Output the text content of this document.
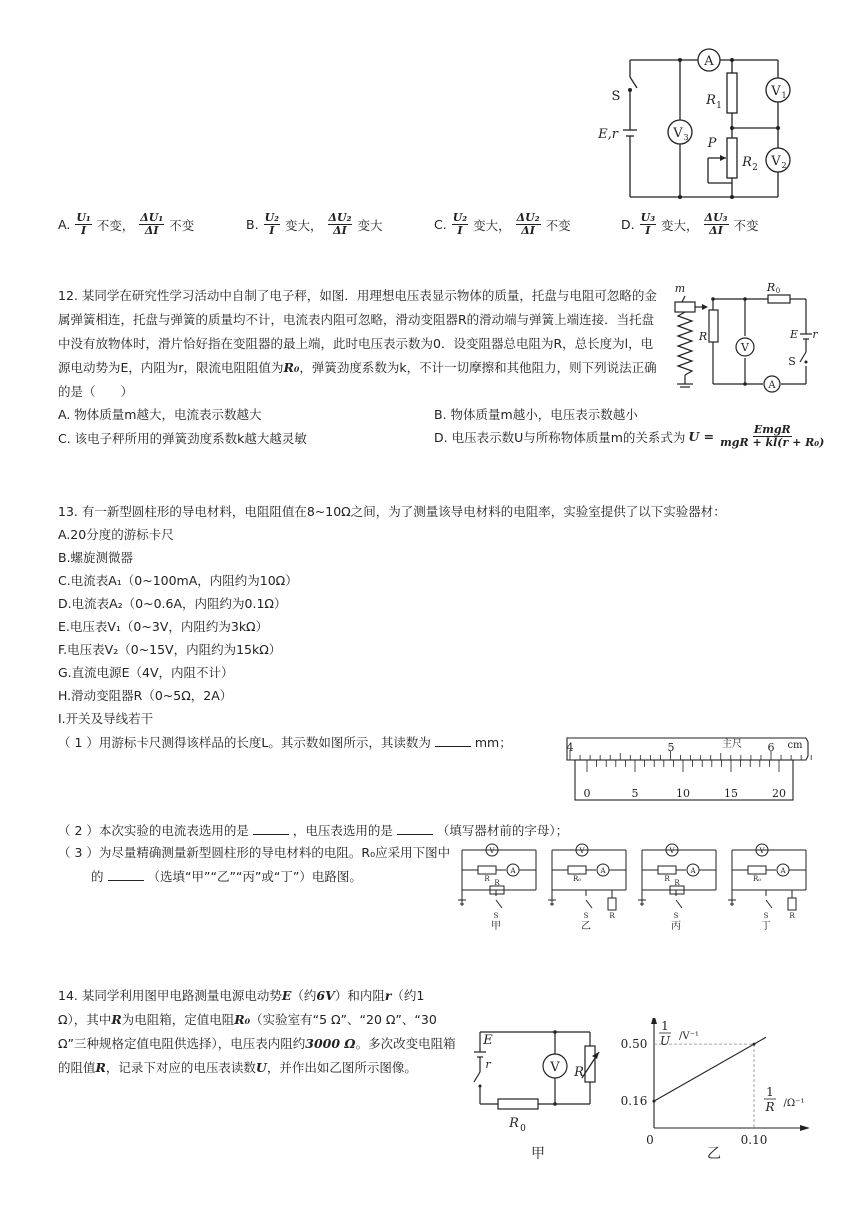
S
E,r
A
R 1
V 1
V 3 P
R 2 V 2
A. $\frac{\text{U₁}}{I}$ 不变， $\frac{\text{ΔU₁}}{\Delta I}$ 不变	B. $\frac{\text{U₂}}{I}$ 变大， $\frac{\text{ΔU₂}}{\Delta I}$ 变大	C. $\frac{\text{U₂}}{I}$ 变大， $\frac{\text{ΔU₂}}{\Delta I}$ 不变	D. $\frac{\text{U₃}}{I}$ 变大， $\frac{\text{ΔU₃}}{\Delta I}$ 不变
12. 某同学在研究性学习活动中自制了电子秤，如图．用理想电压表显示物体的质量，托盘与电阻可忽略的金属弹簧相连，托盘与弹簧的质量均不计，电流表内阻可忽略，滑动变阻器R的滑动端与弹簧上端连接．当托盘中没有放物体时，滑片恰好指在变阻器的最上端，此时电压表示数为0．设变阻器总电阻为R，总长度为l，电源电动势为E，内阻为r，限流电阻阻值为R₀，弹簧劲度系数为k，不计一切摩擦和其他阻力，则下列说法正确的是（　　）
m	R 0
R
V
E r
S
A
A. 物体质量m越大，电流表示数越大	B. 物体质量m越小，电压表示数越小
C. 该电子秤所用的弹簧劲度系数k越大越灵敏	D. 电压表示数U与所称物体质量m的关系式为 $U = \frac{\text{EmgR}}{\text{mgR + kl(r + R₀)}}$
13. 有一新型圆柱形的导电材料，电阻阻值在8~10Ω之间，为了测量该导电材料的电阻率，实验室提供了以下实验器材：
A.20分度的游标卡尺
B.螺旋测微器
C.电流表A₁（0~100mA，内阻约为10Ω）
D.电流表A₂（0~0.6A，内阻约为0.1Ω）
E.电压表V₁（0~3V，内阻约为3kΩ）
F.电压表V₂（0~15V，内阻约为15kΩ）
G.直流电源E（4V，内阻不计）
H.滑动变阻器R（0~5Ω，2A）
I.开关及导线若干
（ 1 ）用游标卡尺测得该样品的长度L。其示数如图所示，其读数为	mm；	4	5	6 cm
主尺
0	5	10	15	20
（ 2 ）本次实验的电流表选用的是	，电压表选用的是	（填写器材前的字母）；
（ 3 ）为尽量精确测量新型圆柱形的导电材料的电阻。R₀应采用下图中
的	（选填“甲”“乙”“丙”或“丁”）电路图。
V
A
R
S
R
V
A
R₀
S	R
V
A
R
S
R
V
A
R₀
S	R
甲	乙	丙	丁
14. 某同学利用图甲电路测量电源电动势E（约6V）和内阻r（约1 Ω），其中R为电阻箱，定值电阻R₀（实验室有“5 Ω”、“20 Ω”、“30 Ω”三种规格定值电阻供选择），电压表内阻约3000 Ω。多次改变电阻箱的阻值R，记录下对应的电压表读数U，并作出如乙图所示图像。
E
r	V R
R 0
甲
1
U /V⁻¹
1
R /Ω⁻¹
0.50
0.16
0	0.10
乙
